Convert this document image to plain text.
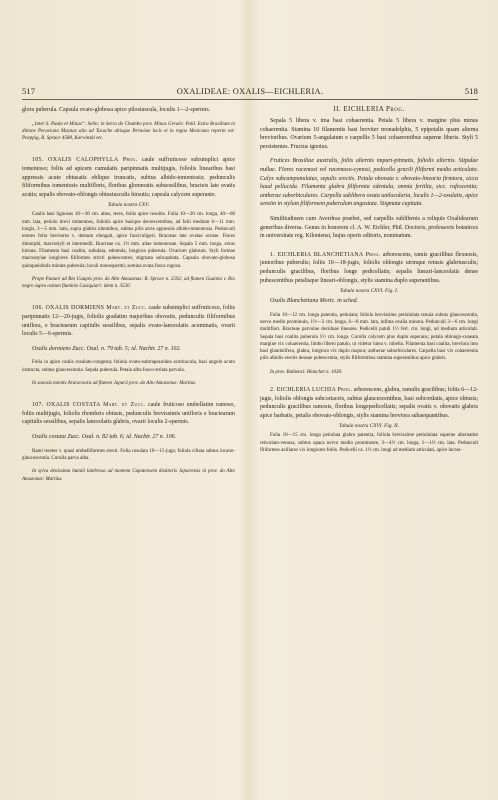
517	OXALIDEAE: OXALIS—EICHLERIA.	518

glora puberula. Capsula ovato-globosa apice pilosiuscula, loculis 1—2-spermis.

„Inter S. Paulo et Minas“: Sello; in Serra do Chumbo prov. Minas Geraës: Pohl. Extra Brasiliam in ditione Peruviana Maynas alto ad Tocache altisque Peruviae locis et in regno Mexicano reperta est: Poeppig, R. Spruce 4588, Karwinski etc.

105. OXALIS CALOPHYLLA Prog. caule suffruticoso subsimplici apice tomentoso; foliis ad apicem cumulatis paripinnatis multijugis, foliolis linearibus basi appressis acute obtusatis obliquo truncatis, subtus albido-tomentosis; pedunculis filiformibus tomentosis multifloris, floribus glomeratis subsessilibus, bracteis late ovatis acutis; sepalis obovato-oblongis obtusiusculis hirsutis; capsula calycem superante.

Tabula nostra CXV.

Caulis basi lignosus 10—30 cm. altus, teres, foliis apice resultis. Folia 10—20 cm. longa, 40—60 mm. lata, petiolo brevi tomentoso, foliolis apice basique decrescentibus, ad folii medium 6—11 mm. longis, 3—5 mm. latis, supra glabris nitentibus, subtus pilis arcte appressis albido-tomentosis. Pedunculi teretes folio breviores v. demum elongati, apice fasciculigeri. Bracteae late ovatae acutae. Flores dimorphi, macrostyli et intermedii. Bracteae ca. 1½ mm. altae tomentosae. Sepala 5 mm. longa, extus hirsuta. Filamenta basi coalita, subulata, edentula, longiora puberula. Ovarium glabrum. Styli formae macrostylae longiores filiformes stricti pubescentes; stigmata subcapitata. Capsula obovato-globosa quinquelobula minute puberula; loculi monospermi; semina ovata fusca rugosa.

Prope Panuré ad Rio Uaupés prov. do Alto Amazonas: R. Spruce n. 2592; ad flumen Guainia v. Rio negro supra ostium fluminis Casiquiari: idem n. 3530.

106. OXALIS DORMIENS Mart. et Zucc. caule subsimplici suffruticoso, foliis paripinnatis 12—20-jugis, foliolis gradatim majoribus obovatis, pedunculis filiformibus uniflora, e bractearum capitulis sessilibus, sepalis ovato-lanceolatis acuminatis, ovarii loculis 5—6-spermis.

Oxalis dormiens Zucc. Oxal. n. 79 tab. 5; id. Nachtr. 27 n. 102.

Folia in apice caulis rosulato-congesta; foliola ovato-subtrapezoidea acutiuscula, basi angulo acuto instructa, subtus glaucescentia. Sepala puberula. Petala alba fusco-striata parvula.

In saxosis montis Araracoara ad flumen Japurá prov. do Alto Amazonas: Martius.

107. OXALIS COSTATA Mart. et Zucc. caule fruticoso umbellatim ramoso, foliis multijugis, foliolis rhombeis obtusis, pedunculis brevissimis unifloris e bractearum capitulis sessilibus, sepalis lanceolatis glabris, ovarii loculis 2-spermis.

Oxalis costata Zucc. Oxal. n. 82 tab. 6; id. Nachtr. 27 n. 106.

Rami teretes v. quasi umbelliformes erecti. Folia rosulata 10—15-juga; foliola ciliata subtus incano-glaucescentia. Corolla parva alba.

In sylva denissima humili latebrosa ad montem Cupatensem distinctis Japurensis in prov. do Alto Amazonas: Martius.

II. EICHLERIA Prog.

Sepala 5 libera v. ima basi cohaerentia. Petala 5 libera v. margine plus minus cohaerentia. Stamina 10 filamentis basi breviter monadelphis, 5 epipetalis quam alterna brevioribus. Ovarium 5-angulatum e carpellis 5 basi cohaerentibus superne liberis. Styli 5 persistentes. Fructus ignotus.

Frutices Brasiliae australis, foliis alternis impari-pinnatis, foliolis alternis. Stipulae nullae. Flores racemosi vel racemoso-cymosi, pedicello gracili filiformi medio articulato. Calyx subcampanulatus, sepalis erectis. Petala obovata v. obovato-linearia firmiora, sicca haud pellucida. Filamenta glabra filiformia edentula, omnia fertilia, sicc. rufescentia; antherae suborbiculares. Carpella sublibera ovata unilocularia, loculis 1—2-ovulatis, apice sensim in stylum filiformem puberulum angustata. Stigmata capitata.

Similitudinem cum Averrhoa praebet, sed carpellis sublibenis a reliquis Oxalidearum generibus diversa. Genus in honorem cl. A. W. Eichler, Phil. Doctoris, professoris botanices in universitate reg. Kiloniensi, hujus operis editoris, nominatum.

1. EICHLERIA BLANCHETIANA Prog. arborescens, ramis gracilibus flexuosis, junioribus puberulis; foliis 10—18-jugis, foliolis oblongis utrinque retusis glabriusculis; pedunculis gracilibus, floribus longe pedicellatis; sepalis lineari-lanceolatis dense pubescentibus petalisque lineari-oblongis, stylis stamina duplo superantibus.

Tabula nostra CXVI. Fig. I.

Oxalis Blanchetiana Moric. in sched.

Folia 10—12 cm. longa patentia, petiolata; foliola brevissime petiolulata tenuia subtus glaucescentia, nervo medio prominulo, 1½—2 cm. longa, 6—8 mm. lata, infima ovalia minora. Pedunculi 3—6 cm. longi multiflori. Bracteae parvulae deciduae lineares. Pedicelli patuli 1½ ferr. cm. longi, ad medium articulati. Sepala basi coalita puberula 1½ cm. longa. Corolla calycem plus duplo superans; petala oblongo-cuneata margine vix cohaerentia, limbo libero patulo, ut videtur lutea v. rubella. Filamenta basi coalita, breviora imo basi glanduliferа, glabra, longiora vix duplo majora; antherae suborbiculares. Carpella basi vix cohaerentia pilis albidis erectis densae pubescentia, stylis filiformibus stamina superantibus apice glabris.

In prov. Bahiensi: Blanchet n. 1030.

2. EICHLERIA LUCIDA Prog. arborescens, glabra, ramulis gracilibus; foliis 6—12-jugis, foliolis oblongis subcoriaceis, subtus glaucescentibus, basi subcordatis, apice obtusis; pedunculis gracilibus ramosis, floribus longepedicellatis; sepalis ovatis v. obovatis glabris apice barbatis, petalis obovato-oblongis, stylis stamina breviora subaequantibus.

Tabula nostra CXVI. Fig. II.

Folia 10—15 cm. longa petiolata glabra patentia; foliola brevissime petiolulata superne alternatim reticulato-venosa, subtus opaca nervo medio prominente, 3—4½ cm. longa, 1—1½ cm. lata. Pedunculi filiformes axillares vix longiores foliis. Pedicelli ca. 1½ cm. longi ad medium articulati, apice incras-
